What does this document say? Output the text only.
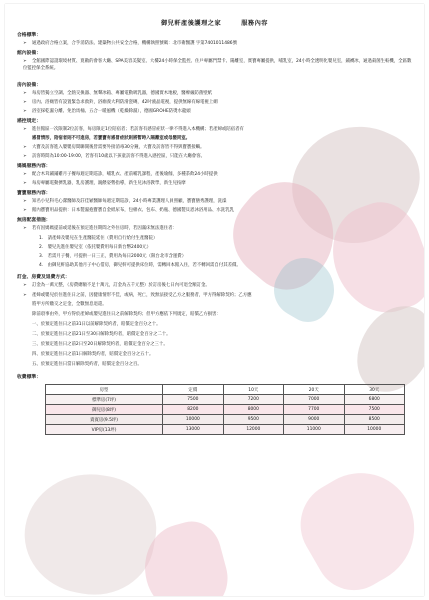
御兒軒產後護理之家　　　服務內容
合格標準：
➢ 通過政府合格立案，合乎消防法、建築物公共安全合格，機構執照號碼：北市衛醫護 字第7401011486號
館內設備：
➢ 全館國際認證環境材質、寬敞的會客大廳、SPA美容美髮室、大樓24小時保全監控、住戶專屬門禁卡、陽離室，實寶專屬提供，哺乳室，24小時全透明化嬰兒室，鋪襪冰，通過殺菌生較機，全區數位監控保全系統。
房內設備：
➢ 每房皆獨立空調、全熱交換器、無聲冰箱、專屬電動吸乳器，德國實木地板，醫療級防菌壁紙
➢ 房內、浴廁皆有設置緊急求救鈴，浴廁義大利防滑瓷磚，42吋液晶電視，提供無線有線電視上網
➢ 浴室採乾濕分離、免治馬桶、五合一暖風機（乾燥除濕），德國GROHE防燙水龍頭
感控規定：
➢ 進住館區一次限制2位訪客，每房限定1位陪宿者；若訪客有感冒症狀一律不得進入本機構；若產婦或陪宿者有
感冒情形，陪宿者則不可進房，若寶寶有感冒症狀則將暫時入隔離室或母嬰同室。
➢ 大寶及訪客進入嬰嬰房間聯開後皆需要外接消毒30分鐘，大寶及訪客皆不得與寶寶接觸。
➢ 訪客時間為10:00-19:00，若客有10歲以下孩童訪客不得進入感控區，只能在大廳會客。
媽媽服務內容：
➢ 配合木茸鋪鋪雞月子餐每週定期巡診，哺乳衣、產前哺乳課程，產後瑜伽，多種茶飲24小時提供
➢ 每房專屬電動擠乳器，乳房護理，親餵姿勢指導，新生兒沐浴教學，新生兒按摩
寶寶服務內容：
➢ 知名小兒科毛心潔醫師及莊佳穎醫師每週定期巡診，24小時專業護理人員照顧，寶寶膳秀護理，洗澡
➢ 館內寶寶用品提供：日本製濕抱寶寶自金紙尿布，包棉衣、包布、奶瓶、德國製貝恩沐浴用品、水洗乳乳
無房配套措施：
➢ 若有因媽媽提前或延後在預定進住期間之外住房時，若因滿床無法進住者：
1.　請產婦及嬰兒在生產醫院延住（費用自行給付生產醫院）
2.　嬰兒先進住嬰兒室（依托嬰費用每日新台幣2400元）
3.　若需月子餐，可提供一日三正，費用為每日2000元（限台北市含運費）
4.　由御兒軒協助其他月子中心借房，御兒軒可提供床位時，需轉回本館入住，若不轉回需自付其差價。
訂金、房費及退費方式：
➢ 訂金為一萬元整，（房費總額不足十萬元，訂金為五千元整）於訂房後七日內可退全額訂金。
➢ 產婦或嬰兒於住進住日之前，因健康情形不佳，或病，死亡，致無法接受乙方之服務者，甲方得解除契約；乙方應
將甲方所繳交之定金，全數無息退還。
除前項事由外，甲方得於產婦或嬰兒進住日之前解除契約；但甲方應依下列規定，賠償乙方損害：
一、於預定進住日之前31日以前解除契約者，賠償定金百分之十。
二、於預定進住日之前21日至30日解除契約者，賠償定金百分之二十。
三、於預定進住日之前2日至20日解除契約者，賠償定金百分之三十。
四、於預定進住日之前1日解除契約者，賠償定金百分之五十。
五、於預定進住日當日解除契約者，賠償定金百分之百。
收費標準：
房型	定價	10天	20天	30天
標準房(7坪)	7500	7200	7000	6800
御兒房(8坪)	8200	8000	7700	7500
貴賓房(9.5坪)	10000	9500	9000	8500
VIP房(13坪)	13000	12000	11000	10000
